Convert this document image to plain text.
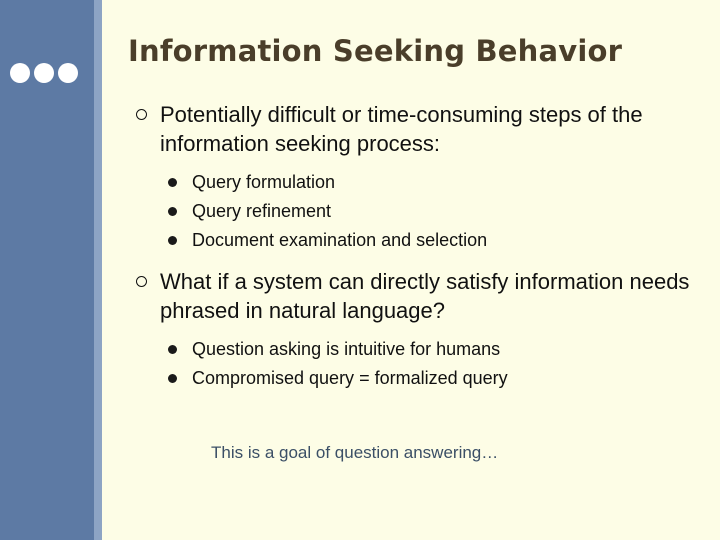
Information Seeking Behavior
Potentially difficult or time-consuming steps of the information seeking process:
Query formulation
Query refinement
Document examination and selection
What if a system can directly satisfy information needs phrased in natural language?
Question asking is intuitive for humans
Compromised query = formalized query
This is a goal of question answering…
